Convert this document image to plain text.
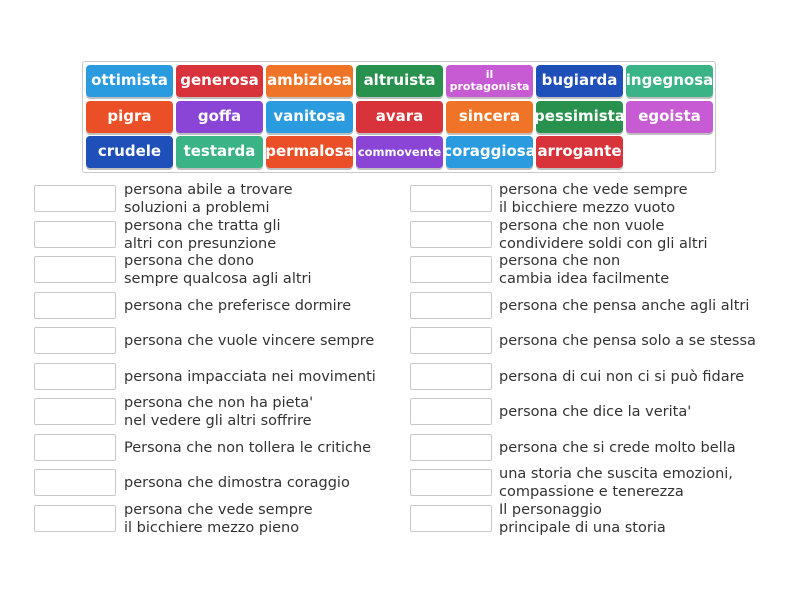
ottimista generosa ambiziosa altruista	il protagonista bugiarda ingegnosa
pigra	goffa	vanitosa	avara	sincera pessimista egoista
crudele	testarda permalosa commovente coraggiosa arrogante
persona abile a trovare
soluzioni a problemi
persona che tratta gli
altri con presunzione
persona che dono
sempre qualcosa agli altri
persona che preferisce dormire
persona che vuole vincere sempre
persona impacciata nei movimenti
persona che non ha pieta'
nel vedere gli altri soffrire
Persona che non tollera le critiche
persona che dimostra coraggio
persona che vede sempre
il bicchiere mezzo pieno
persona che vede sempre
il bicchiere mezzo vuoto
persona che non vuole
condividere soldi con gli altri
persona che non
cambia idea facilmente
persona che pensa anche agli altri
persona che pensa solo a se stessa
persona di cui non ci si può fidare
persona che dice la verita'
persona che si crede molto bella
una storia che suscita emozioni,
compassione e tenerezza
Il personaggio
principale di una storia
